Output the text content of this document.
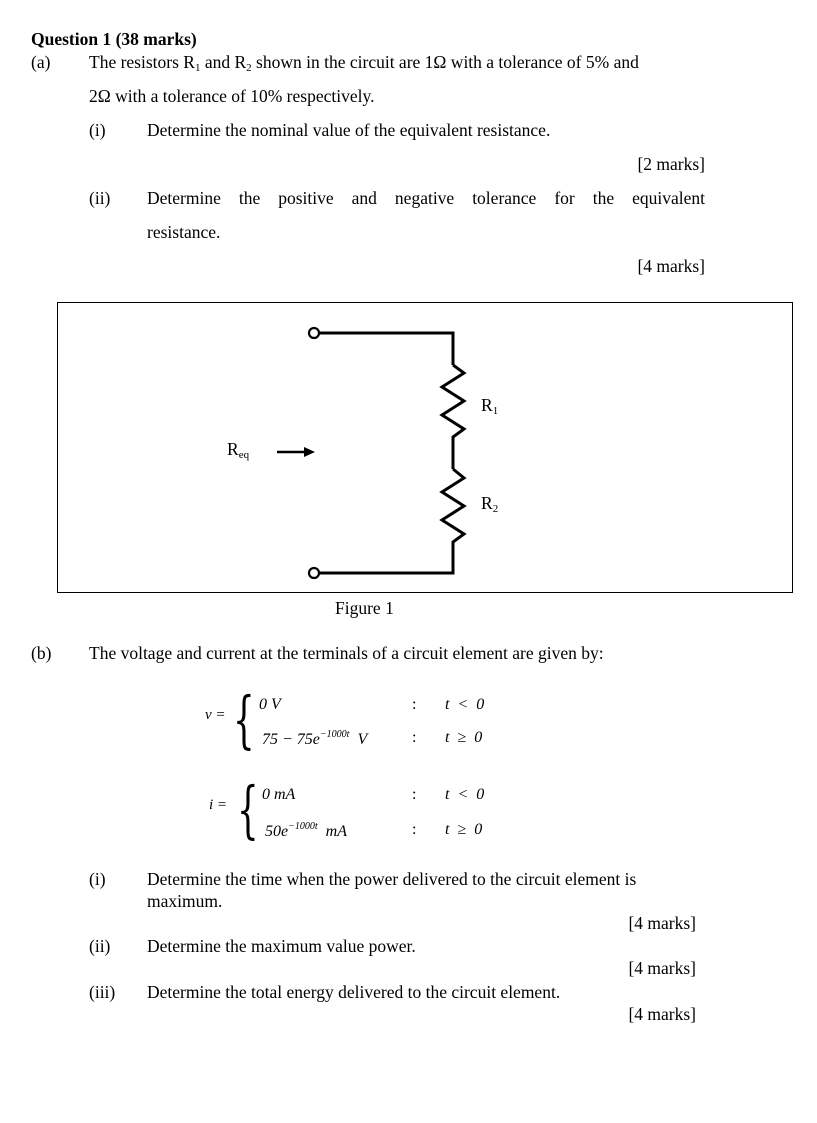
Question 1 (38 marks)
(a) The resistors $R_1$ and $R_2$ shown in the circuit are 1Ω with a tolerance of 5% and
2Ω with a tolerance of 10% respectively.
(i) Determine the nominal value of the equivalent resistance.
[2 marks]
(ii) Determine the positive and negative tolerance for the equivalent
resistance.
[4 marks]
$R_{eq}$
$R_1$
$R_2$
Figure 1
(b) The voltage and current at the terminals of a circuit element are given by:
v = { 0 V	: t  <  0
$75 - 75e^{-1000t}$ V	: t  ≥  0
i = { 0 mA	: t  <  0
$50e^{-1000t}$ mA	: t  ≥  0
(i) Determine the time when the power delivered to the circuit element is
maximum.
[4 marks]
(ii) Determine the maximum value power.
[4 marks]
(iii) Determine the total energy delivered to the circuit element.
[4 marks]
